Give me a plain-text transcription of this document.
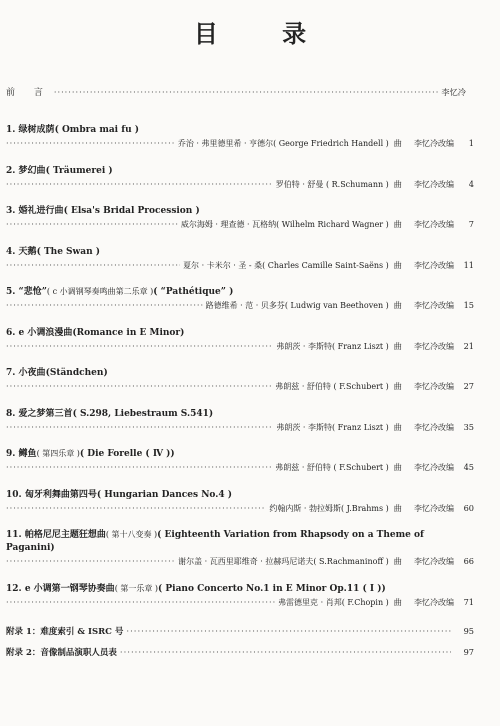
目 录
前 言 ·····	李忆冷
1. 绿树成荫( Ombra mai fu )
·····
乔治 · 弗里德里希 · 亨德尔( George Friedrich Handell ) 曲 李忆冷改编	1
2. 梦幻曲( Träumerei )
·····
罗伯特 · 舒曼 ( R.Schumann ) 曲 李忆冷改编	4
3. 婚礼进行曲( Elsa's Bridal Procession )
·····
威尔海姆 · 理查德 · 瓦格纳( Wilhelm Richard Wagner ) 曲 李忆冷改编	7
4. 天鹅( The Swan )
·····
夏尔 · 卡米尔 · 圣 - 桑( Charles Camille Saint-Saëns ) 曲 李忆冷改编	11
5. “悲怆”( c 小调钢琴奏鸣曲第二乐章 )( “Pathétique” )
·····
路德维希 · 范 · 贝多芬( Ludwig van Beethoven ) 曲 李忆冷改编	15
6. e 小调浪漫曲(Romance in E Minor)
·····
弗朗茨 · 李斯特( Franz Liszt ) 曲 李忆冷改编	21
7. 小夜曲(Ständchen)
·····
弗朗兹 · 舒伯特 ( F.Schubert ) 曲 李忆冷改编	27
8. 爱之梦第三首( S.298, Liebestraum S.541)
·····
弗朗茨 · 李斯特( Franz Liszt ) 曲 李忆冷改编	35
9. 鳟鱼( 第四乐章 )( Die Forelle ( Ⅳ ))
·····
弗朗兹 · 舒伯特 ( F.Schubert ) 曲 李忆冷改编	45
10. 匈牙利舞曲第四号( Hungarian Dances No.4 )
·····
约翰内斯 · 勃拉姆斯( J.Brahms ) 曲 李忆冷改编	60
11. 帕格尼尼主题狂想曲( 第十八变奏 )( Eighteenth Variation from Rhapsody on a Theme of
Paganini)
·····
谢尔盖 · 瓦西里耶维奇 · 拉赫玛尼诺夫( S.Rachmaninoff ) 曲 李忆冷改编	66
12. e 小调第一钢琴协奏曲( 第一乐章 )( Piano Concerto No.1 in E Minor Op.11 ( Ⅰ ))
·····
弗雷德里克 · 肖邦( F.Chopin ) 曲 李忆冷改编	71
附录 1：难度索引 & ISRC 号 ·····	95
附录 2：音像制品演职人员表 ·····	97
